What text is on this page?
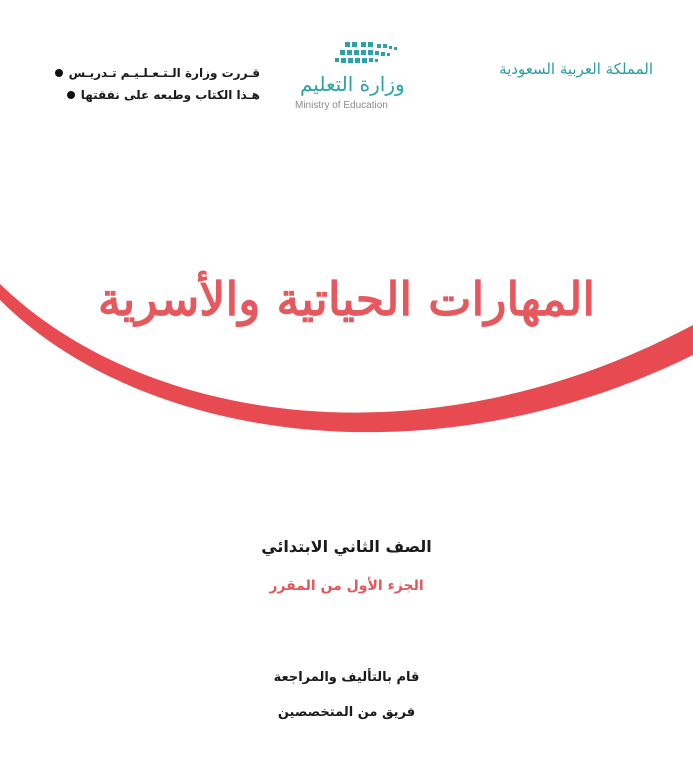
المملكة العربية السعودية
وزارة التعليم
Ministry of Education
قـررت وزارة الـتـعـلـيـم تـدريـس
هـذا الكتاب وطبعه على نفقتها
المهارات الحياتية والأسرية
الصف الثاني الابتدائي
الجزء الأول من المقرر
قام بالتأليف والمراجعة
فريق من المتخصصين
